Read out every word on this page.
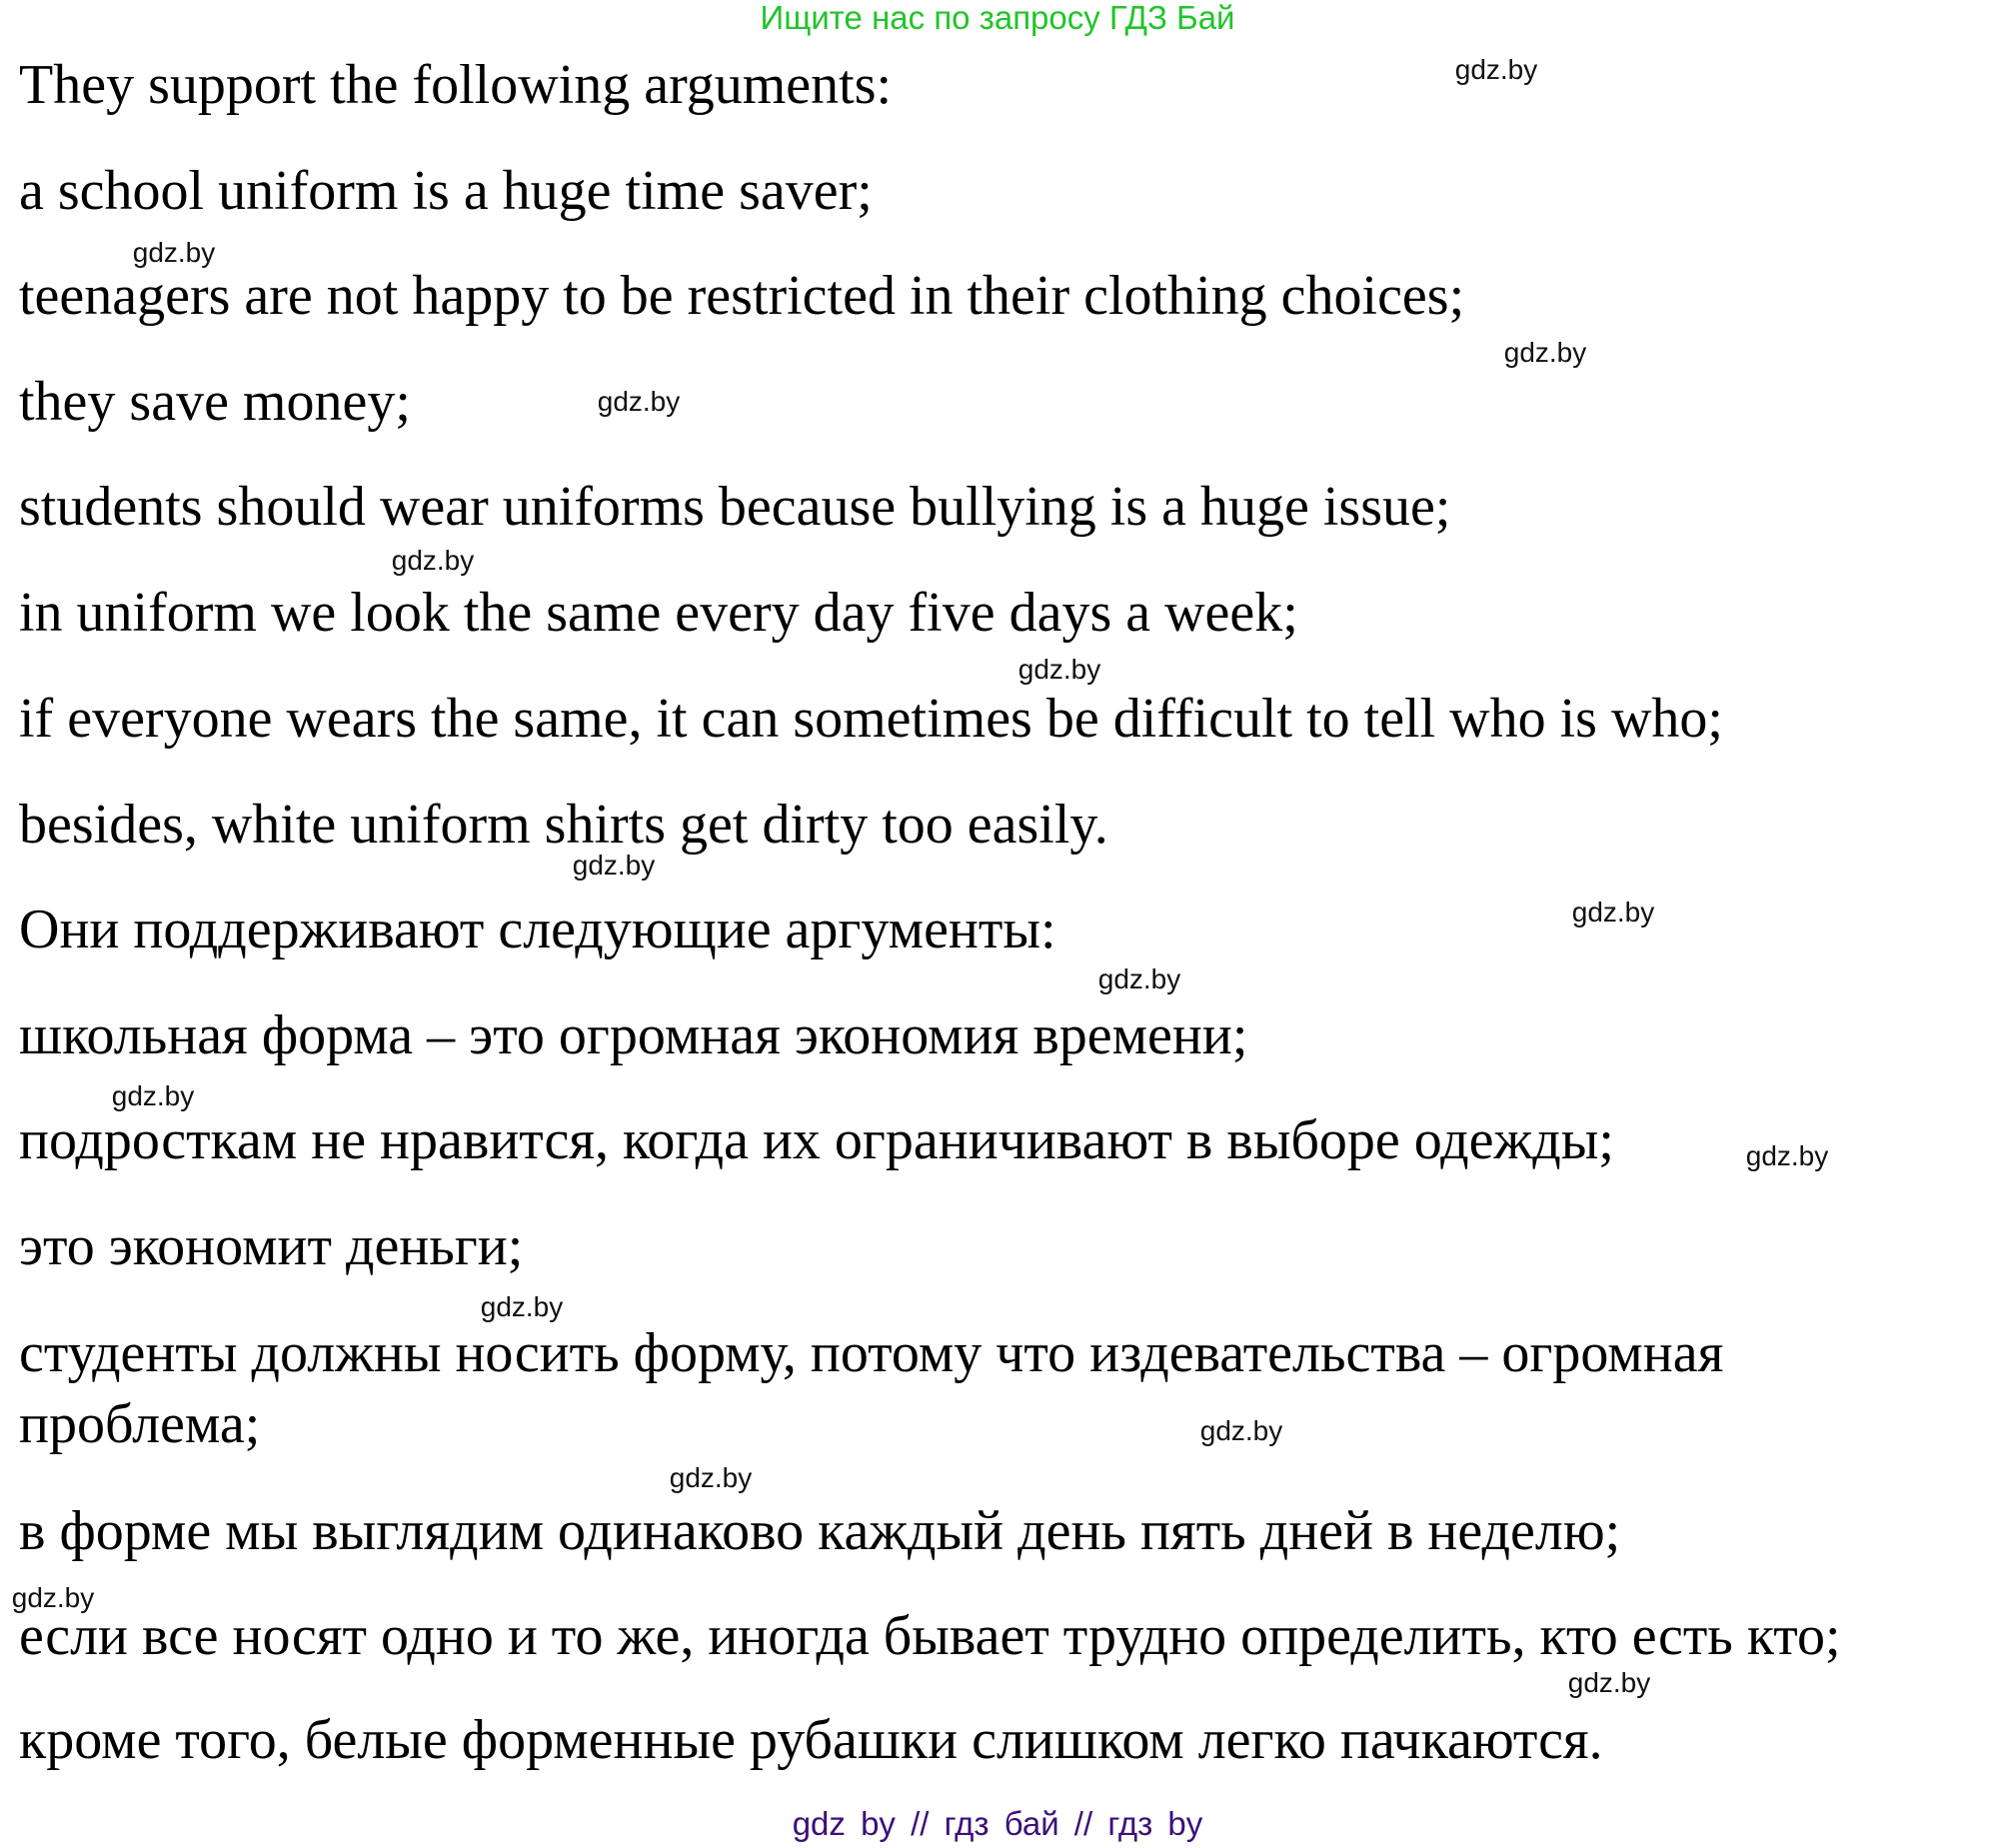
Ищите нас по запросу ГДЗ Бай
They support the following arguments:
a school uniform is a huge time saver;
teenagers are not happy to be restricted in their clothing choices;
they save money;
students should wear uniforms because bullying is a huge issue;
in uniform we look the same every day five days a week;
if everyone wears the same, it can sometimes be difficult to tell who is who;
besides, white uniform shirts get dirty too easily.
Они поддерживают следующие аргументы:
школьная форма – это огромная экономия времени;
подросткам не нравится, когда их ограничивают в выборе одежды;
это экономит деньги;
студенты должны носить форму, потому что издевательства – огромная
проблема;
в форме мы выглядим одинаково каждый день пять дней в неделю;
если все носят одно и то же, иногда бывает трудно определить, кто есть кто;
кроме того, белые форменные рубашки слишком легко пачкаются.
gdz.by
gdz.by
gdz.by
gdz.by
gdz.by
gdz.by
gdz.by
gdz.by
gdz.by
gdz.by
gdz.by
gdz.by
gdz.by
gdz.by
gdz.by
gdz.by
gdz by // гдз бай // гдз by
